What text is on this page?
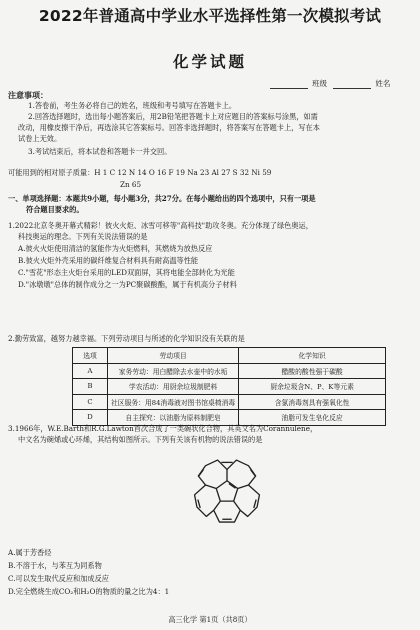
2022年普通高中学业水平选择性第一次模拟考试
化学试题
班级	姓名
注意事项：
1.答卷前，考生务必将自己的姓名，班级和考号填写在答题卡上。
2.回答选择题时，选出每小题答案后，用2B铅笔把答题卡上对应题目的答案标号涂黑，如需
改动，用橡皮擦干净后，再选涂其它答案标号。回答非选择题时，将答案写在答题卡上，写在本
试卷上无效。
3.考试结束后，将本试卷和答题卡一并交回。
可能用到的相对原子质量：H 1 C 12 N 14 O 16 F 19 Na 23 Al 27 S 32 Ni 59
Zn 65
一、单项选择题：本题共9小题，每小题3分，共27分。在每小题给出的四个选项中，只有一项是
符合题目要求的。
1.2022北京冬奥开幕式精彩！彼火火炬、冰雪可移等"高科技"助攻冬奥。充分体现了绿色奥运，
科技奥运的理念。下列有关说法错误的是
A.彼火火炬使用清洁的氢能作为火炬燃料，其燃烧为放热反应
B.彼火火炬外壳采用的碳纤维复合材料具有耐高温等性能
C."雪花"形态主火炬台采用的LED双面屏，其将电能全部转化为光能
D."冰墩墩"总体的制作成分之一为PC聚碳酸酯，属于有机高分子材料
2.勤劳致富，越努力越幸福。下列劳动项目与所述的化学知识没有关联的是
选项	劳动项目	化学知识
A	家务劳动：用白醋除去水壶中的水垢	醋酸的酸性强于碳酸
B	学农活动：用厨余垃圾制肥料	厨余垃圾含N、P、K等元素
C	社区服务：用84消毒液对图书馆桌椅消毒	含氯消毒剂具有强氧化性
D	自主探究：以油脂为原料制肥皂	油脂可发生皂化反应
3.1966年，W.E.Barth和R.G.Lawton首次合成了一类碗状化合物，其英文名为Corannulene，
中文名为碗烯或心环烯，其结构如图所示。下列有关该有机物的说法错误的是
A.属于芳香烃
B.不溶于水，与苯互为同系物
C.可以发生取代反应和加成反应
D.完全燃烧生成CO₂和H₂O的物质的量之比为4：1
高三化学 第1页（共8页）
